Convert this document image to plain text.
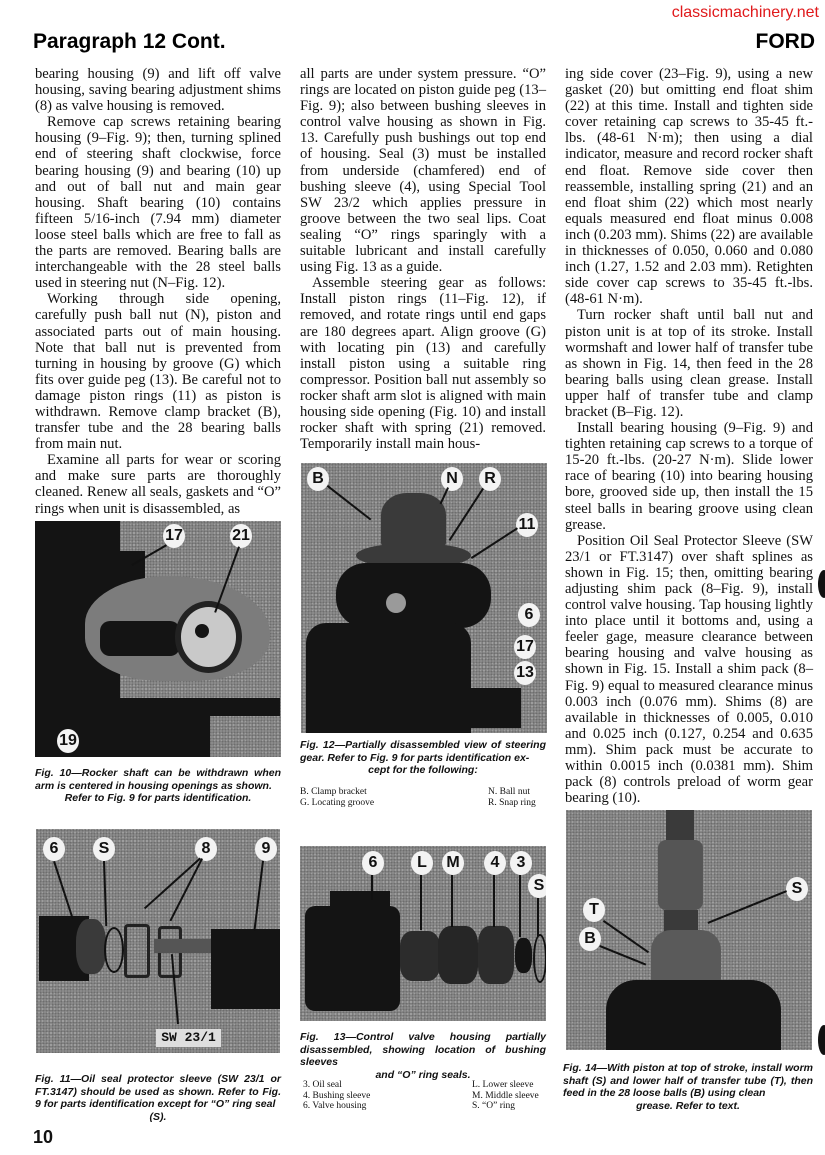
classicmachinery.net
Paragraph 12 Cont.	FORD

bearing housing (9) and lift off valve housing, saving bearing adjustment shims (8) as valve housing is removed.

Remove cap screws retaining bearing housing (9–Fig. 9); then, turning splined end of steering shaft clockwise, force bearing housing (9) and bearing (10) up and out of ball nut and main gear housing. Shaft bearing (10) contains fifteen 5/16-inch (7.94 mm) diameter loose steel balls which are free to fall as the parts are removed. Bearing balls are interchangeable with the 28 steel balls used in steering nut (N–Fig. 12).

Working through side opening, carefully push ball nut (N), piston and associated parts out of main housing. Note that ball nut is prevented from turning in housing by groove (G) which fits over guide peg (13). Be careful not to damage piston rings (11) as piston is withdrawn. Remove clamp bracket (B), transfer tube and the 28 bearing balls from main nut.

Examine all parts for wear or scoring and make sure parts are thoroughly cleaned. Renew all seals, gaskets and “O” rings when unit is disassembled, as

all parts are under system pressure. “O” rings are located on piston guide peg (13–Fig. 9); also between bushing sleeves in control valve housing as shown in Fig. 13. Carefully push bushings out top end of housing. Seal (3) must be installed from underside (chamfered) end of bushing sleeve (4), using Special Tool SW 23/2 which applies pressure in groove between the two seal lips. Coat sealing “O” rings sparingly with a suitable lubricant and install carefully using Fig. 13 as a guide.

Assemble steering gear as follows: Install piston rings (11–Fig. 12), if removed, and rotate rings until end gaps are 180 degrees apart. Align groove (G) with locating pin (13) and carefully install piston using a suitable ring compressor. Position ball nut assembly so rocker shaft arm slot is aligned with main housing side opening (Fig. 10) and install rocker shaft with spring (21) removed. Temporarily install main hous-

ing side cover (23–Fig. 9), using a new gasket (20) but omitting end float shim (22) at this time. Install and tighten side cover retaining cap screws to 35-45 ft.-lbs. (48-61 N·m); then using a dial indicator, measure and record rocker shaft end float. Remove side cover then reassemble, installing spring (21) and an end float shim (22) which most nearly equals measured end float minus 0.008 inch (0.203 mm). Shims (22) are available in thicknesses of 0.050, 0.060 and 0.080 inch (1.27, 1.52 and 2.03 mm). Retighten side cover cap screws to 35-45 ft.-lbs. (48-61 N·m).

Turn rocker shaft until ball nut and piston unit is at top of its stroke. Install wormshaft and lower half of transfer tube as shown in Fig. 14, then feed in the 28 bearing balls using clean grease. Install upper half of transfer tube and clamp bracket (B–Fig. 12).

Install bearing housing (9–Fig. 9) and tighten retaining cap screws to a torque of 15-20 ft.-lbs. (20-27 N·m). Slide lower race of bearing (10) into bearing housing bore, grooved side up, then install the 15 steel balls in bearing groove using clean grease.

Position Oil Seal Protector Sleeve (SW 23/1 or FT.3147) over shaft splines as shown in Fig. 15; then, omitting bearing adjusting shim pack (8–Fig. 9), install control valve housing. Tap housing lightly into place until it bottoms and, using a feeler gage, measure clearance between bearing housing and valve housing as shown in Fig. 15. Install a shim pack (8–Fig. 9) equal to measured clearance minus 0.003 inch (0.076 mm). Shims (8) are available in thicknesses of 0.005, 0.010 and 0.025 inch (0.127, 0.254 and 0.635 mm). Shim pack must be accurate to within 0.0015 inch (0.0381 mm). Shim pack (8) controls preload of worm gear bearing (10).

17	21
19
Fig. 10—Rocker shaft can be withdrawn when arm is centered in housing openings as shown.
Refer to Fig. 9 for parts identification.
B	N	R
11
6
17
13
Fig. 12—Partially disassembled view of steering gear. Refer to Fig. 9 for parts identification ex-
cept for the following:
B. Clamp bracket
G. Locating groove
N. Ball nut
R. Snap ring
6	S	8	9
SW 23/1
Fig. 11—Oil seal protector sleeve (SW 23/1 or FT.3147) should be used as shown. Refer to Fig. 9 for parts identification except for “O” ring seal
(S).
6	L	M	4	3
S
Fig. 13—Control valve housing partially disassembled, showing location of bushing sleeves
and “O” ring seals.
3. Oil seal
4. Bushing sleeve
6. Valve housing
L. Lower sleeve
M. Middle sleeve
S. “O” ring
T
B
S
Fig. 14—With piston at top of stroke, install worm shaft (S) and lower half of transfer tube (T), then feed in the 28 loose balls (B) using clean
grease. Refer to text.
10
